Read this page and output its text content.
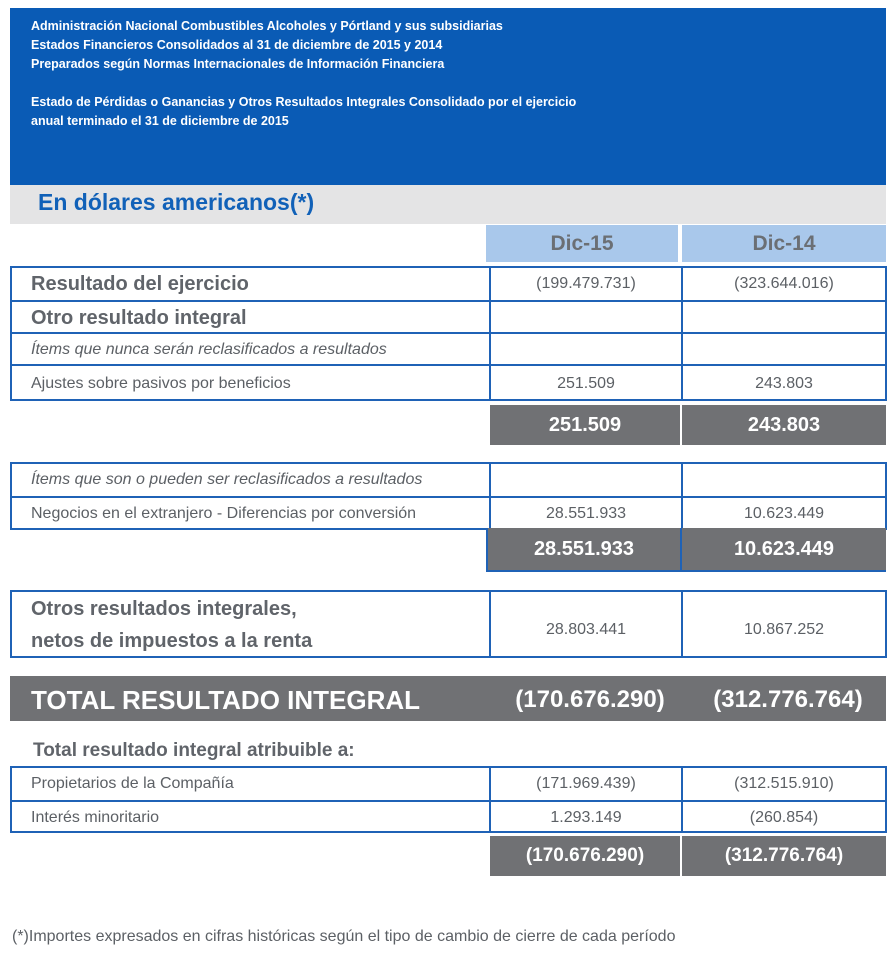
Administración Nacional Combustibles Alcoholes y Pórtland y sus subsidiarias
Estados Financieros Consolidados al 31 de diciembre de 2015 y 2014
Preparados según Normas Internacionales de Información Financiera
Estado de Pérdidas o Ganancias y Otros Resultados Integrales Consolidado por el ejercicio
anual terminado el 31 de diciembre de 2015
En dólares americanos(*)
Dic-15	Dic-14
Resultado del ejercicio	(199.479.731)	(323.644.016)
Otro resultado integral
Ítems que nunca serán reclasificados a resultados
Ajustes sobre pasivos por beneficios	251.509	243.803
251.509	243.803
Ítems que son o pueden ser reclasificados a resultados
Negocios en el extranjero - Diferencias por conversión	28.551.933	10.623.449
28.551.933	10.623.449
Otros resultados integrales,
netos de impuestos a la renta
28.803.441	10.867.252
TOTAL RESULTADO INTEGRAL	(170.676.290)	(312.776.764)
Total resultado integral atribuible a:
Propietarios de la Compañía	(171.969.439)	(312.515.910)
Interés minoritario	1.293.149	(260.854)
(170.676.290)	(312.776.764)
(*)Importes expresados en cifras históricas según el tipo de cambio de cierre de cada período
